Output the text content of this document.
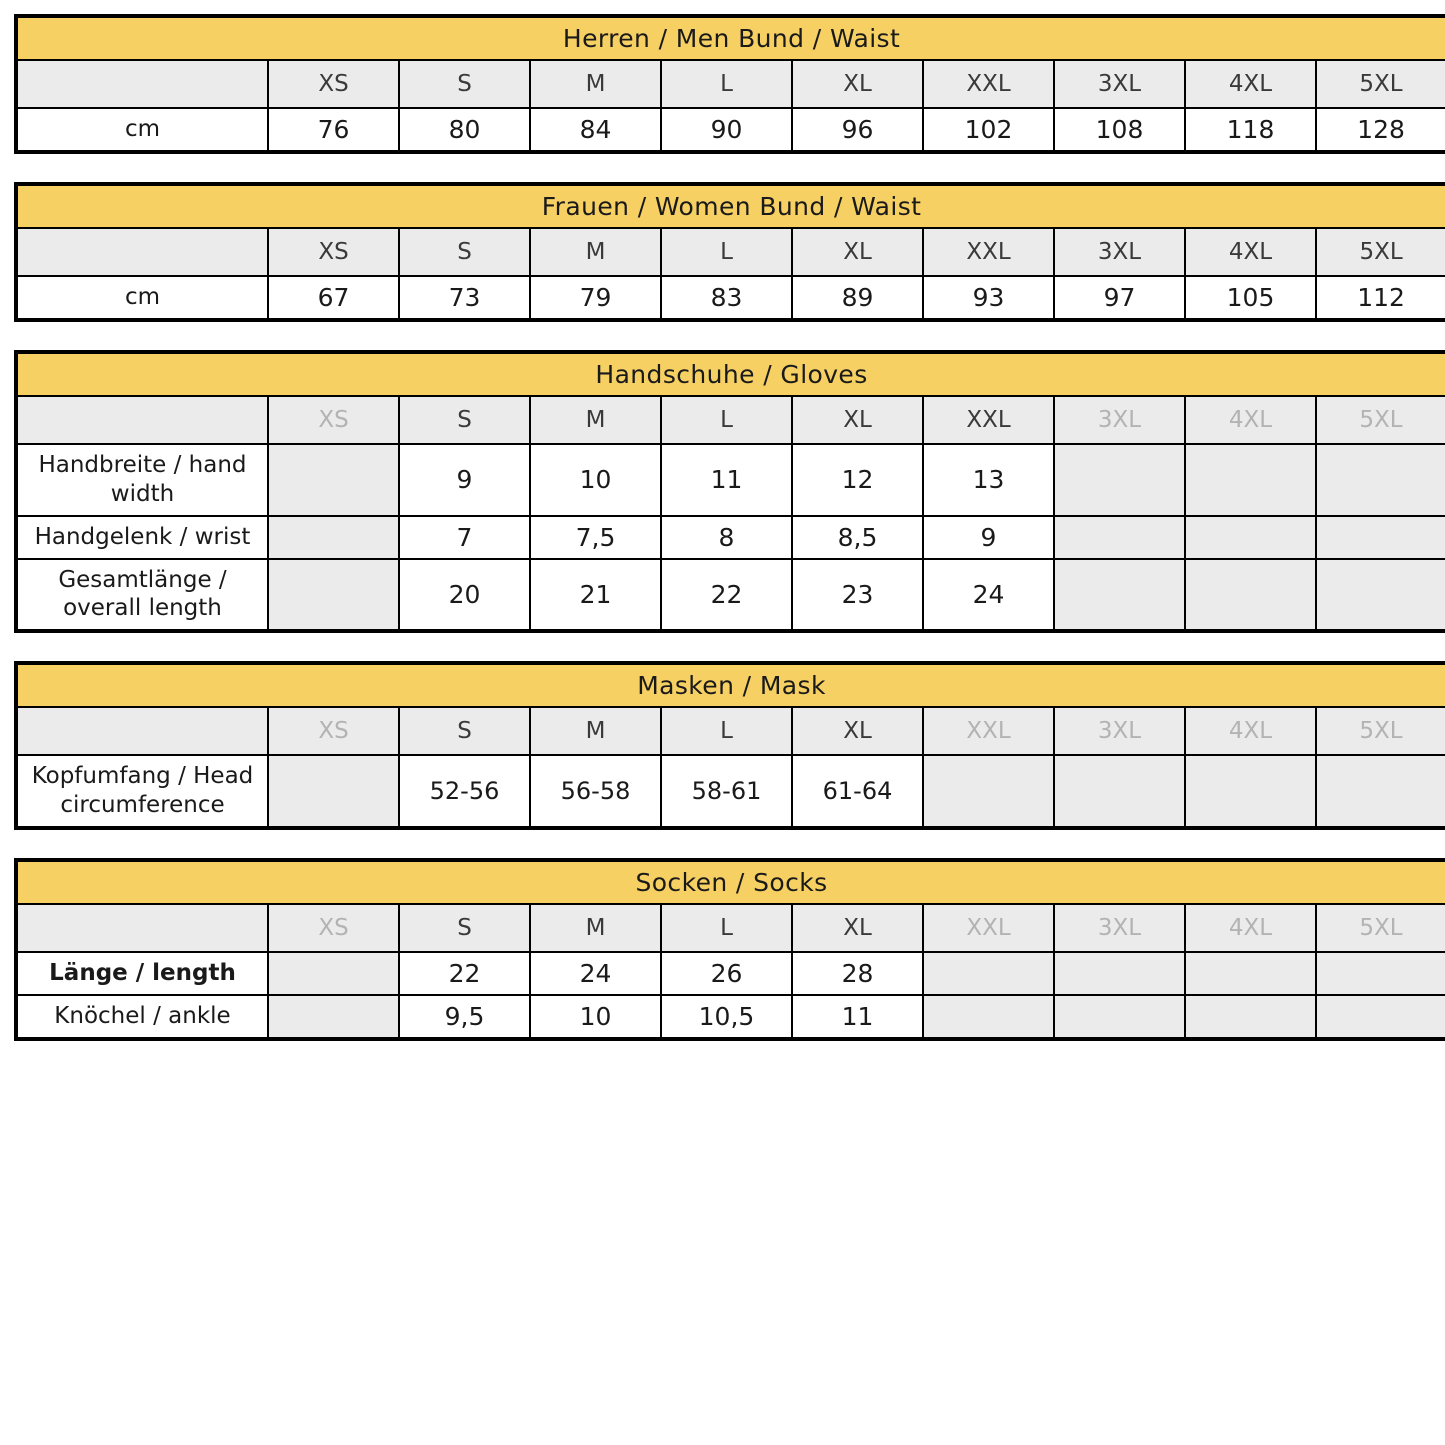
Herren / Men Bund / Waist									
	XS	S	M	L	XL	XXL	3XL	4XL	5XL
cm	76	80	84	90	96	102	108	118	128
Frauen / Women Bund / Waist									
	XS	S	M	L	XL	XXL	3XL	4XL	5XL
cm	67	73	79	83	89	93	97	105	112
Handschuhe / Gloves									
	XS	S	M	L	XL	XXL	3XL	4XL	5XL
Handbreite / hand width		9	10	11	12	13			
Handgelenk / wrist		7	7,5	8	8,5	9			
Gesamtlänge / overall length		20	21	22	23	24			
Masken / Mask									
	XS	S	M	L	XL	XXL	3XL	4XL	5XL
Kopfumfang / Head circumference		52-56	56-58	58-61	61-64				
Socken / Socks									
	XS	S	M	L	XL	XXL	3XL	4XL	5XL
Länge / length		22	24	26	28				
Knöchel / ankle		9,5	10	10,5	11				
